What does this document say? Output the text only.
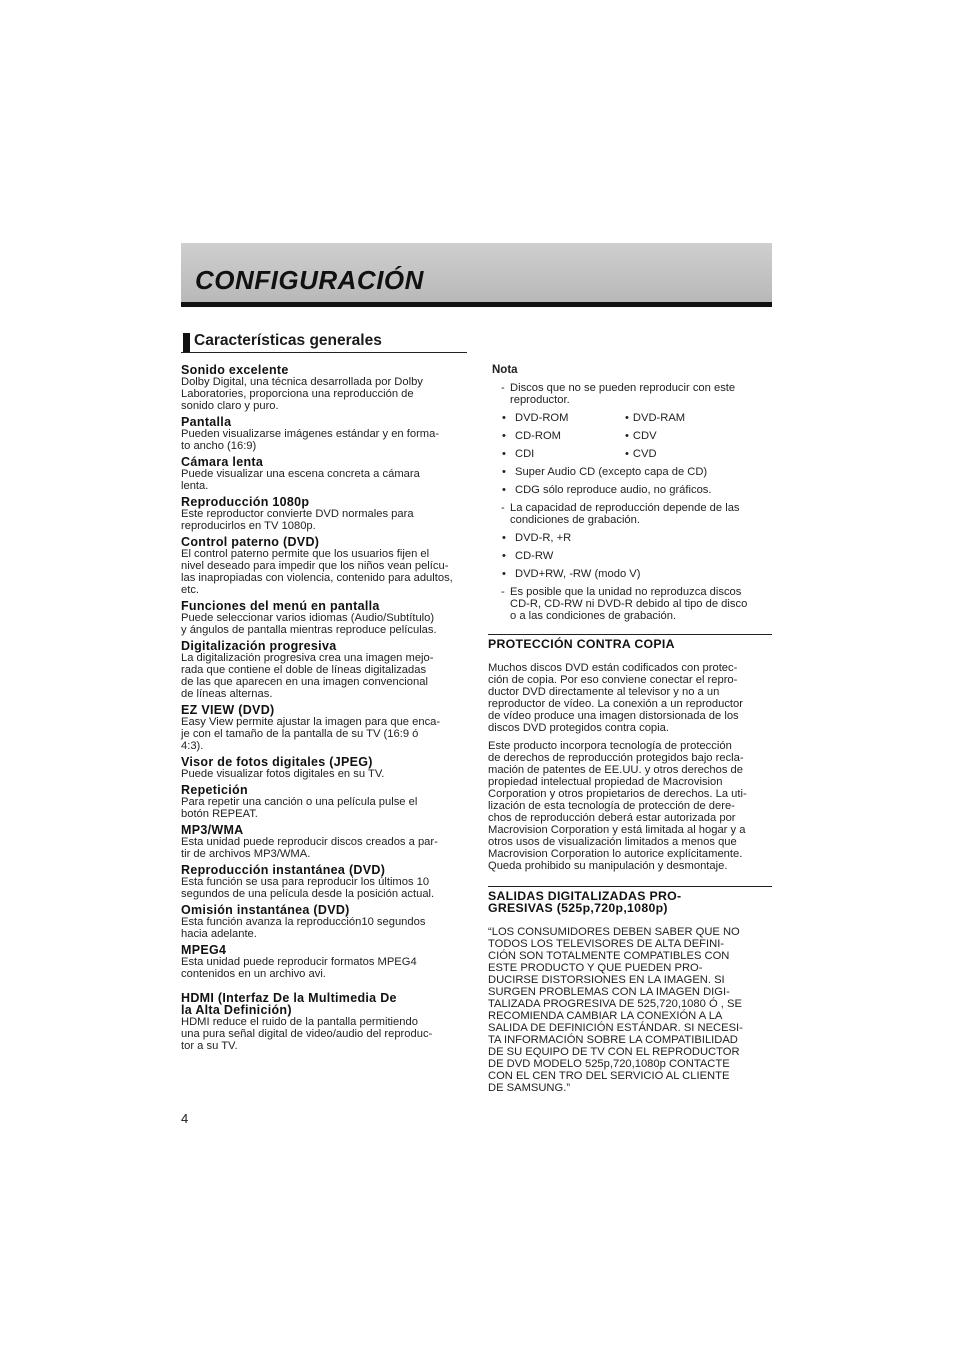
CONFIGURACIÓN
Características generales
Sonido excelente
Dolby Digital, una técnica desarrollada por Dolby
Laboratories, proporciona una reproducción de
sonido claro y puro.
Pantalla
Pueden visualizarse imágenes estándar y en forma-
to ancho (16:9)
Cámara lenta
Puede visualizar una escena concreta a cámara
lenta.
Reproducción 1080p
Este reproductor convierte DVD normales para
reproducirlos en TV 1080p.
Control paterno (DVD)
El control paterno permite que los usuarios fijen el
nivel deseado para impedir que los niños vean pelícu-
las inapropiadas con violencia, contenido para adultos,
etc.
Funciones del menú en pantalla
Puede seleccionar varios idiomas (Audio/Subtítulo)
y ángulos de pantalla mientras reproduce películas.
Digitalización progresiva
La digitalización progresiva crea una imagen mejo-
rada que contiene el doble de líneas digitalizadas
de las que aparecen en una imagen convencional
de líneas alternas.
EZ VIEW (DVD)
Easy View permite ajustar la imagen para que enca-
je con el tamaño de la pantalla de su TV (16:9 ó
4:3).
Visor de fotos digitales (JPEG)
Puede visualizar fotos digitales en su TV.
Repetición
Para repetir una canción o una película pulse el
botón REPEAT.
MP3/WMA
Esta unidad puede reproducir discos creados a par-
tir de archivos MP3/WMA.
Reproducción instantánea (DVD)
Esta función se usa para reproducir los últimos 10
segundos de una película desde la posición actual.
Omisión instantánea (DVD)
Esta función avanza la reproducción10 segundos
hacia adelante.
MPEG4
Esta unidad puede reproducir formatos MPEG4
contenidos en un archivo avi.
HDMI (Interfaz De la Multimedia De
la Alta Definición)
HDMI reduce el ruido de la pantalla permitiendo
una pura señal digital de video/audio del reproduc-
tor a su TV.
4
Nota
- Discos que no se pueden reproducir con este
reproductor.
• DVD-ROM	• DVD-RAM
• CD-ROM	• CDV
• CDI	• CVD
• Super Audio CD (excepto capa de CD)
• CDG sólo reproduce audio, no gráficos.
- La capacidad de reproducción depende de las
condiciones de grabación.
• DVD-R, +R
• CD-RW
• DVD+RW, -RW (modo V)
- Es posible que la unidad no reproduzca discos
CD-R, CD-RW ni DVD-R debido al tipo de disco
o a las condiciones de grabación.
PROTECCIÓN CONTRA COPIA
Muchos discos DVD están codificados con protec-
ción de copia. Por eso conviene conectar el repro-
ductor DVD directamente al televisor y no a un
reproductor de vídeo. La conexión a un reproductor
de vídeo produce una imagen distorsionada de los
discos DVD protegidos contra copia.
Este producto incorpora tecnología de protección
de derechos de reproducción protegidos bajo recla-
mación de patentes de EE.UU. y otros derechos de
propiedad intelectual propiedad de Macrovision
Corporation y otros propietarios de derechos. La uti-
lización de esta tecnología de protección de dere-
chos de reproducción deberá estar autorizada por
Macrovision Corporation y está limitada al hogar y a
otros usos de visualización limitados a menos que
Macrovision Corporation lo autorice explícitamente.
Queda prohibido su manipulación y desmontaje.
SALIDAS DIGITALIZADAS PRO-
GRESIVAS (525p,720p,1080p)
“LOS CONSUMIDORES DEBEN SABER QUE NO
TODOS LOS TELEVISORES DE ALTA DEFINI-
CIÓN SON TOTALMENTE COMPATIBLES CON
ESTE PRODUCTO Y QUE PUEDEN PRO-
DUCIRSE DISTORSIONES EN LA IMAGEN. SI
SURGEN PROBLEMAS CON LA IMAGEN DIGI-
TALIZADA PROGRESIVA DE 525,720,1080 Ó , SE
RECOMIENDA CAMBIAR LA CONEXIÓN A LA
SALIDA DE DEFINICIÓN ESTÁNDAR. SI NECESI-
TA INFORMACIÓN SOBRE LA COMPATIBILIDAD
DE SU EQUIPO DE TV CON EL REPRODUCTOR
DE DVD MODELO 525p,720,1080p CONTACTE
CON EL CEN TRO DEL SERVICIO AL CLIENTE
DE SAMSUNG.”
